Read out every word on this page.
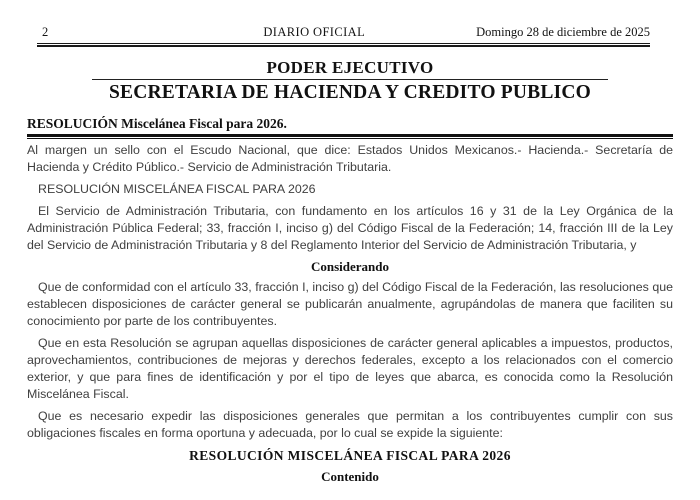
2	DIARIO OFICIAL	Domingo 28 de diciembre de 2025
PODER EJECUTIVO
SECRETARIA DE HACIENDA Y CREDITO PUBLICO
RESOLUCIÓN Miscelánea Fiscal para 2026.

Al margen un sello con el Escudo Nacional, que dice: Estados Unidos Mexicanos.- Hacienda.- Secretaría de Hacienda y Crédito Público.- Servicio de Administración Tributaria.

RESOLUCIÓN MISCELÁNEA FISCAL PARA 2026

El Servicio de Administración Tributaria, con fundamento en los artículos 16 y 31 de la Ley Orgánica de la Administración Pública Federal; 33, fracción I, inciso g) del Código Fiscal de la Federación; 14, fracción III de la Ley del Servicio de Administración Tributaria y 8 del Reglamento Interior del Servicio de Administración Tributaria, y

Considerando

Que de conformidad con el artículo 33, fracción I, inciso g) del Código Fiscal de la Federación, las resoluciones que establecen disposiciones de carácter general se publicarán anualmente, agrupándolas de manera que faciliten su conocimiento por parte de los contribuyentes.

Que en esta Resolución se agrupan aquellas disposiciones de carácter general aplicables a impuestos, productos, aprovechamientos, contribuciones de mejoras y derechos federales, excepto a los relacionados con el comercio exterior, y que para fines de identificación y por el tipo de leyes que abarca, es conocida como la Resolución Miscelánea Fiscal.

Que es necesario expedir las disposiciones generales que permitan a los contribuyentes cumplir con sus obligaciones fiscales en forma oportuna y adecuada, por lo cual se expide la siguiente:

RESOLUCIÓN MISCELÁNEA FISCAL PARA 2026
Contenido
